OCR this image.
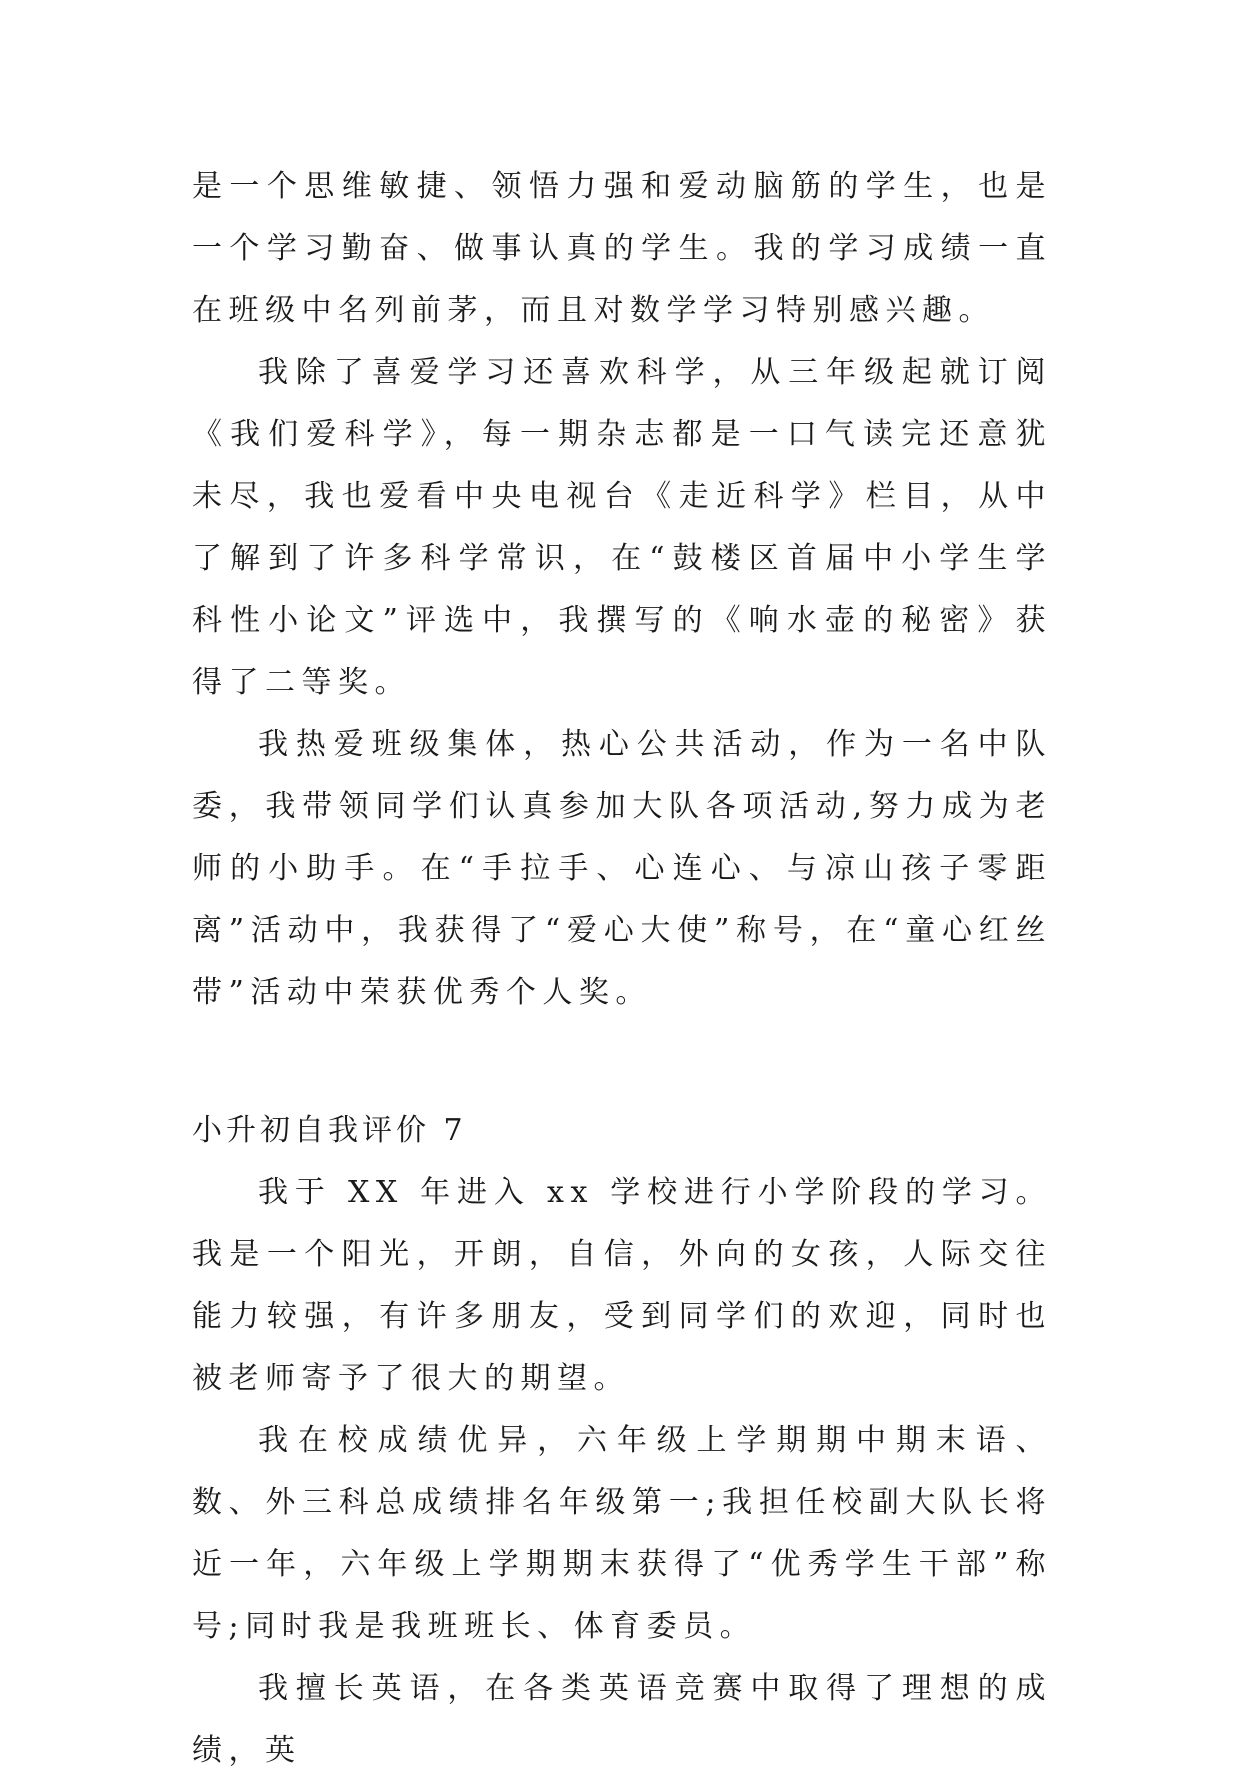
是一个思维敏捷、领悟力强和爱动脑筋的学生，也是一个学习勤奋、做事认真的学生。我的学习成绩一直在班级中名列前茅，而且对数学学习特别感兴趣。

我除了喜爱学习还喜欢科学，从三年级起就订阅《我们爱科学》，每一期杂志都是一口气读完还意犹未尽，我也爱看中央电视台《走近科学》栏目，从中了解到了许多科学常识，在“鼓楼区首届中小学生学科性小论文”评选中，我撰写的《响水壶的秘密》获得了二等奖。

我热爱班级集体，热心公共活动，作为一名中队委，我带领同学们认真参加大队各项活动,努力成为老师的小助手。在“手拉手、心连心、与凉山孩子零距离”活动中，我获得了“爱心大使”称号，在“童心红丝带”活动中荣获优秀个人奖。

小升初自我评价 7

我于 XX 年进入 xx 学校进行小学阶段的学习。我是一个阳光，开朗，自信，外向的女孩，人际交往能力较强，有许多朋友，受到同学们的欢迎，同时也被老师寄予了很大的期望。

我在校成绩优异，六年级上学期期中期末语、数、外三科总成绩排名年级第一;我担任校副大队长将近一年，六年级上学期期末获得了“优秀学生干部”称号;同时我是我班班长、体育委员。

我擅长英语，在各类英语竞赛中取得了理想的成绩，英
